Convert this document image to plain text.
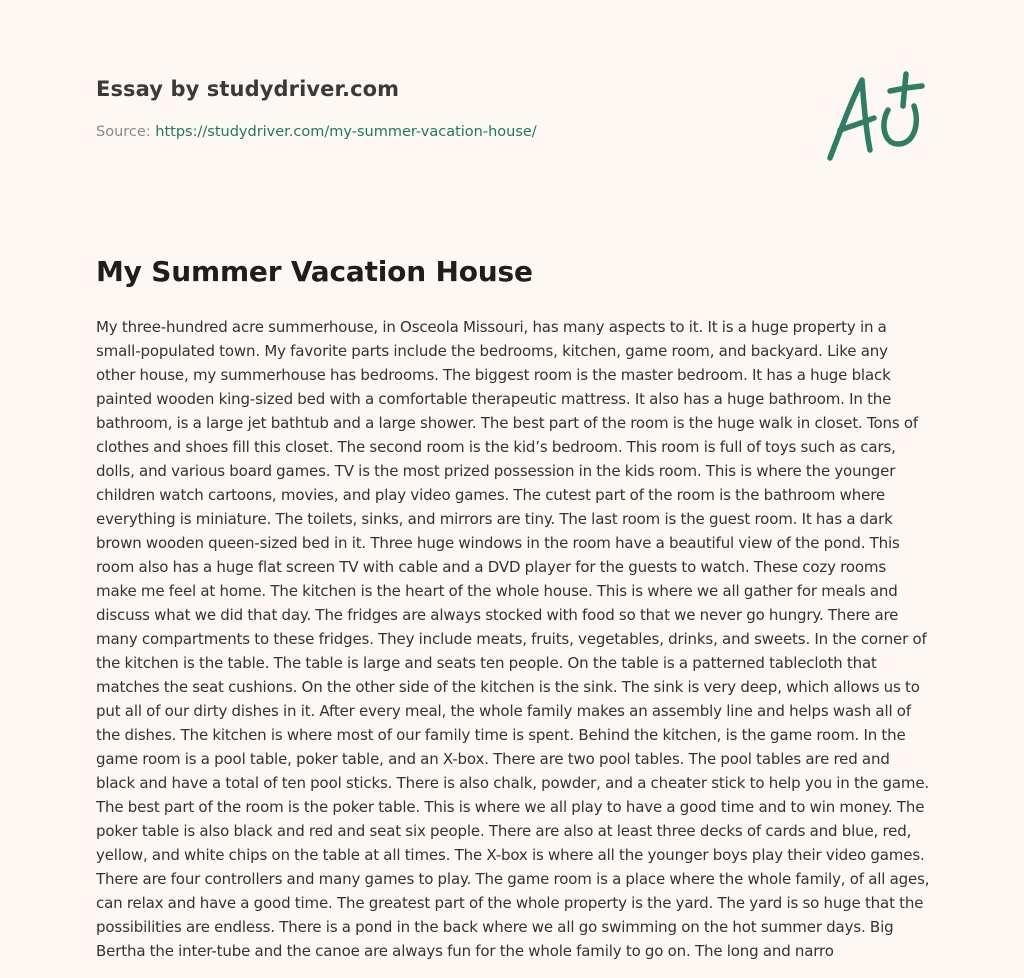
Essay by studydriver.com
Source: https://studydriver.com/my-summer-vacation-house/
My Summer Vacation House

My three-hundred acre summerhouse, in Osceola Missouri, has many aspects to it. It is a huge property in a small-populated town. My favorite parts include the bedrooms, kitchen, game room, and backyard. Like any other house, my summerhouse has bedrooms. The biggest room is the master bedroom. It has a huge black painted wooden king-sized bed with a comfortable therapeutic mattress. It also has a huge bathroom. In the bathroom, is a large jet bathtub and a large shower. The best part of the room is the huge walk in closet. Tons of clothes and shoes fill this closet. The second room is the kid’s bedroom. This room is full of toys such as cars, dolls, and various board games. TV is the most prized possession in the kids room. This is where the younger children watch cartoons, movies, and play video games. The cutest part of the room is the bathroom where everything is miniature. The toilets, sinks, and mirrors are tiny. The last room is the guest room. It has a dark brown wooden queen-sized bed in it. Three huge windows in the room have a beautiful view of the pond. This room also has a huge flat screen TV with cable and a DVD player for the guests to watch. These cozy rooms make me feel at home. The kitchen is the heart of the whole house. This is where we all gather for meals and discuss what we did that day. The fridges are always stocked with food so that we never go hungry. There are many compartments to these fridges. They include meats, fruits, vegetables, drinks, and sweets. In the corner of the kitchen is the table. The table is large and seats ten people. On the table is a patterned tablecloth that matches the seat cushions. On the other side of the kitchen is the sink. The sink is very deep, which allows us to put all of our dirty dishes in it. After every meal, the whole family makes an assembly line and helps wash all of the dishes. The kitchen is where most of our family time is spent. Behind the kitchen, is the game room. In the game room is a pool table, poker table, and an X-box. There are two pool tables. The pool tables are red and black and have a total of ten pool sticks. There is also chalk, powder, and a cheater stick to help you in the game. The best part of the room is the poker table. This is where we all play to have a good time and to win money. The poker table is also black and red and seat six people. There are also at least three decks of cards and blue, red, yellow, and white chips on the table at all times. The X-box is where all the younger boys play their video games. There are four controllers and many games to play. The game room is a place where the whole family, of all ages, can relax and have a good time. The greatest part of the whole property is the yard. The yard is so huge that the possibilities are endless. There is a pond in the back where we all go swimming on the hot summer days. Big Bertha the inter-tube and the canoe are always fun for the whole family to go on. The long and narro
